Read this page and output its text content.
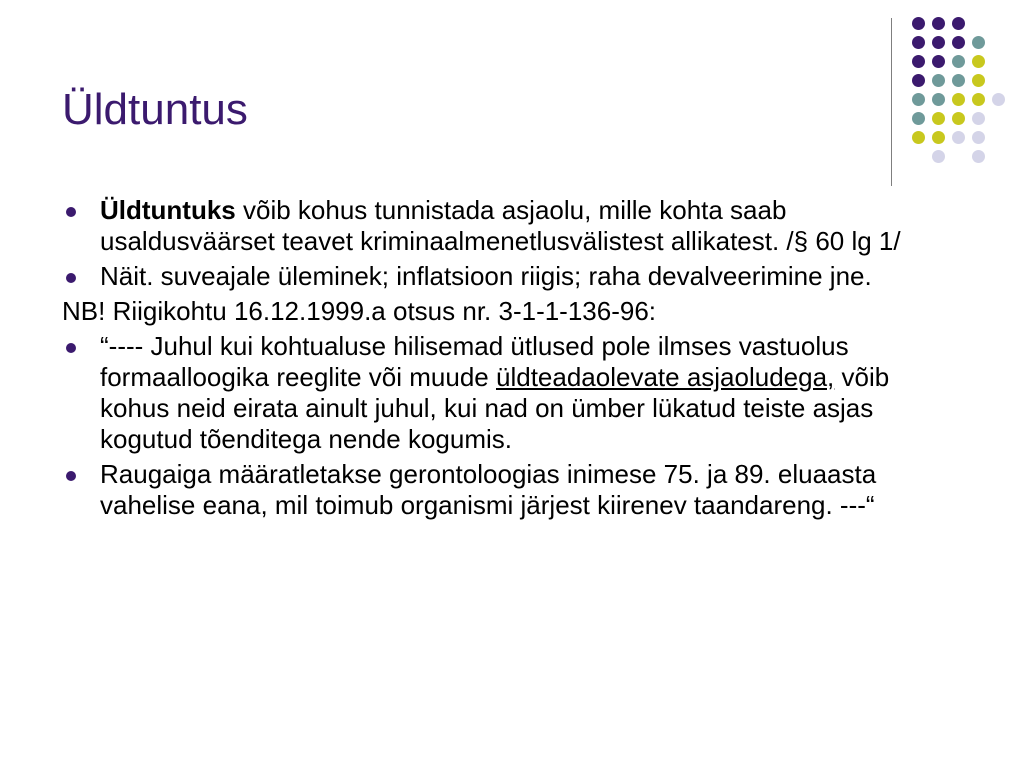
Üldtuntus

Üldtuntuks võib kohus tunnistada asjaolu, mille kohta saab usaldusväärset teavet kriminaalmenetlusvälistest allikatest. /§ 60 lg 1/

Näit. suveajale üleminek; inflatsioon riigis; raha devalveerimine jne.

NB! Riigikohtu 16.12.1999.a otsus nr. 3-1-1-136-96:

“---- Juhul kui kohtualuse hilisemad ütlused pole ilmses vastuolus formaalloogika reeglite või muude üldteadaolevate asjaoludega, võib kohus neid eirata ainult juhul, kui nad on ümber lükatud teiste asjas kogutud tõenditega nende kogumis.

Raugaiga määratletakse gerontoloogias inimese 75. ja 89. eluaasta vahelise eana, mil toimub organismi järjest kiirenev taandareng. ---“
